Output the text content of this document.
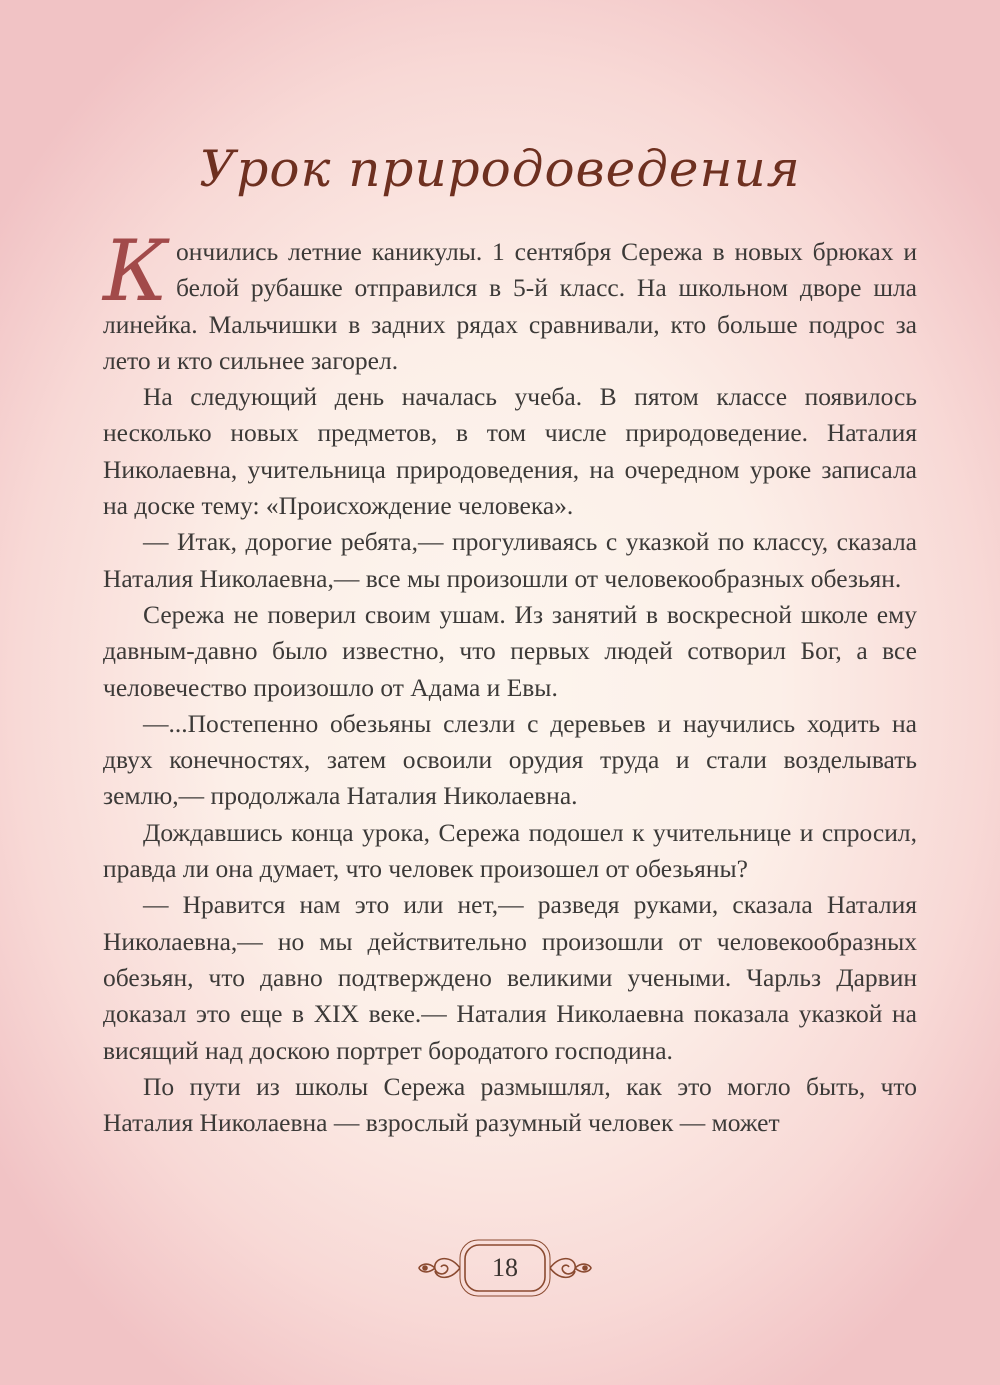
Урок природоведения

Кончились летние каникулы. 1 сентября Сережа в новых брюках и белой рубашке отправился в 5-й класс. На школьном дворе шла линейка. Мальчишки в задних рядах сравнивали, кто больше подрос за лето и кто сильнее загорел.

На следующий день началась учеба. В пятом классе появилось несколько новых предметов, в том числе природоведение. Наталия Николаевна, учительница природоведения, на очередном уроке записала на доске тему: «Происхождение человека».

— Итак, дорогие ребята,— прогуливаясь с указкой по классу, сказала Наталия Николаевна,— все мы произошли от человекообразных обезьян.

Сережа не поверил своим ушам. Из занятий в воскресной школе ему давным-давно было известно, что первых людей сотворил Бог, а все человечество произошло от Адама и Евы.

—...Постепенно обезьяны слезли с деревьев и научились ходить на двух конечностях, затем освоили орудия труда и стали возделывать землю,— продолжала Наталия Николаевна.

Дождавшись конца урока, Сережа подошел к учительнице и спросил, правда ли она думает, что человек произошел от обезьяны?

— Нравится нам это или нет,— разведя руками, сказала Наталия Николаевна,— но мы действительно произошли от человекообразных обезьян, что давно подтверждено великими учеными. Чарльз Дарвин доказал это еще в XIX веке.— Наталия Николаевна показала указкой на висящий над доскою портрет бородатого господина.

По пути из школы Сережа размышлял, как это могло быть, что Наталия Николаевна — взрослый разумный человек — может

18
